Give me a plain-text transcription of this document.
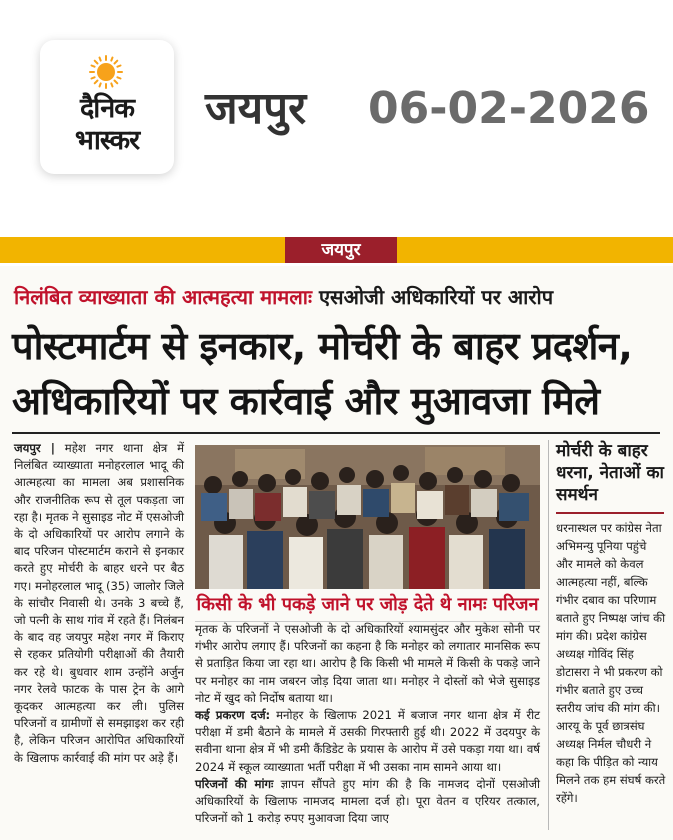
दैनिक
भास्कर
जयपुर 06-02-2026
जयपुर
निलंबित व्याख्याता की आत्महत्या मामलाः एसओजी अधिकारियों पर आरोप
पोस्टमार्टम से इनकार, मोर्चरी के बाहर प्रदर्शन,
अधिकारियों पर कार्रवाई और मुआवजा मिले
जयपुर | महेश नगर थाना क्षेत्र में निलंबित व्याख्याता मनोहरलाल भादू की आत्महत्या का मामला अब प्रशासनिक और राजनीतिक रूप से तूल पकड़ता जा रहा है। मृतक ने सुसाइड नोट में एसओजी के दो अधिकारियों पर आरोप लगाने के बाद परिजन पोस्टमार्टम कराने से इनकार करते हुए मोर्चरी के बाहर धरने पर बैठ गए। मनोहरलाल भादू (35) जालोर जिले के सांचौर निवासी थे। उनके 3 बच्चे हैं, जो पत्नी के साथ गांव में रहते हैं। निलंबन के बाद वह जयपुर महेश नगर में किराए से रहकर प्रतियोगी परीक्षाओं की तैयारी कर रहे थे। बुधवार शाम उन्होंने अर्जुन नगर रेलवे फाटक के पास ट्रेन के आगे कूदकर आत्महत्या कर ली। पुलिस परिजनों व ग्रामीणों से समझाइश कर रही है, लेकिन परिजन आरोपित अधिकारियों के खिलाफ कार्रवाई की मांग पर अड़े हैं।
किसी के भी पकड़े जाने पर जोड़ देते थे नामः परिजन
मृतक के परिजनों ने एसओजी के दो अधिकारियों श्यामसुंदर और मुकेश सोनी पर गंभीर आरोप लगाए हैं। परिजनों का कहना है कि मनोहर को लगातार मानसिक रूप से प्रताड़ित किया जा रहा था। आरोप है कि किसी भी मामले में किसी के पकड़े जाने पर मनोहर का नाम जबरन जोड़ दिया जाता था। मनोहर ने दोस्तों को भेजे सुसाइड नोट में खुद को निर्दोष बताया था।
कई प्रकरण दर्ज: मनोहर के खिलाफ 2021 में बजाज नगर थाना क्षेत्र में रीट परीक्षा में डमी बैठाने के मामले में उसकी गिरफ्तारी हुई थी। 2022 में उदयपुर के सवीना थाना क्षेत्र में भी डमी कैंडिडेट के प्रयास के आरोप में उसे पकड़ा गया था। वर्ष 2024 में स्कूल व्याख्याता भर्ती परीक्षा में भी उसका नाम सामने आया था।
परिजनों की मांगः ज्ञापन सौंपते हुए मांग की है कि नामजद दोनों एसओजी अधिकारियों के खिलाफ नामजद मामला दर्ज हो। पूरा वेतन व एरियर तत्काल, परिजनों को 1 करोड़ रुपए मुआवजा दिया जाए
मोर्चरी के बाहर धरना, नेताओं का समर्थन
धरनास्थल पर कांग्रेस नेता अभिमन्यु पूनिया पहुंचे और मामले को केवल आत्महत्या नहीं, बल्कि गंभीर दबाव का परिणाम बताते हुए निष्पक्ष जांच की मांग की। प्रदेश कांग्रेस अध्यक्ष गोविंद सिंह डोटासरा ने भी प्रकरण को गंभीर बताते हुए उच्च स्तरीय जांच की मांग की। आरयू के पूर्व छात्रसंघ अध्यक्ष निर्मल चौधरी ने कहा कि पीड़ित को न्याय मिलने तक हम संघर्ष करते रहेंगे।
